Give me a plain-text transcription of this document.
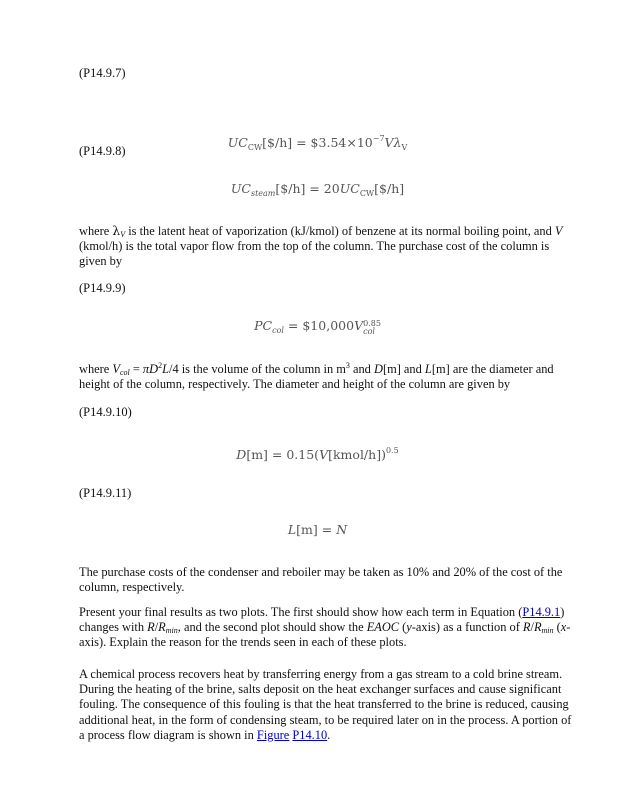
(P14.9.7)
$UC_{CW}[\$/h]$ = $\$3.54\times 10^{-7}V\lambda_V$
(P14.9.8)
$UC_{steam}[\$/h]$ = $20UC_{CW}[\$/h]$
where $\lambda_V$ is the latent heat of vaporization (kJ/kmol) of benzene at its normal boiling point, and V (kmol/h) is the total vapor flow from the top of the column. The purchase cost of the column is given by
(P14.9.9)
$PC_{col}$ = $10,000V 0.85
col
where $V_{col} = \pi D^2L/4$ is the volume of the column in $m^3$ and D[m] and L[m] are the diameter and height of the column, respectively. The diameter and height of the column are given by
(P14.9.10)
D[m] = 0.15(V[kmol/h])$^{0.5}$
(P14.9.11)
L[m] = N
The purchase costs of the condenser and reboiler may be taken as 10% and 20% of the cost of the column, respectively.
Present your final results as two plots. The first should show how each term in Equation (P14.9.1) changes with $R/R_{min}$, and the second plot should show the EAOC (y-axis) as a function of $R/R_{min}$ (x-axis). Explain the reason for the trends seen in each of these plots.
A chemical process recovers heat by transferring energy from a gas stream to a cold brine stream. During the heating of the brine, salts deposit on the heat exchanger surfaces and cause significant fouling. The consequence of this fouling is that the heat transferred to the brine is reduced, causing additional heat, in the form of condensing steam, to be required later on in the process. A portion of a process flow diagram is shown in Figure P14.10.
